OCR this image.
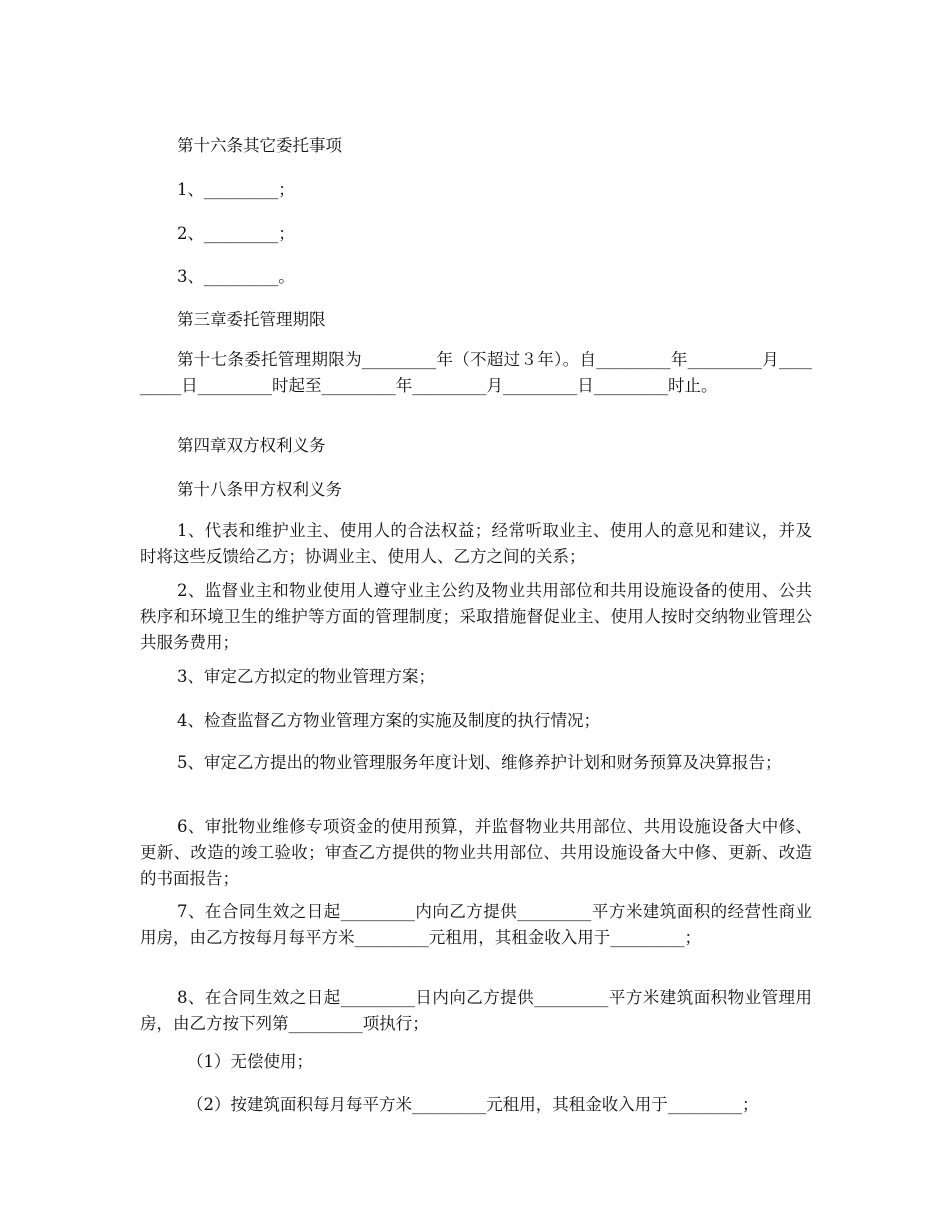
第十六条其它委托事项

1、_________；

2、_________；

3、_________。

第三章委托管理期限

第十七条委托管理期限为_________年（不超过３年）。自_________年_________月_________日_________时起至_________年_________月_________日_________时止。

第四章双方权利义务

第十八条甲方权利义务

1、代表和维护业主、使用人的合法权益；经常听取业主、使用人的意见和建议，并及时将这些反馈给乙方；协调业主、使用人、乙方之间的关系；

2、监督业主和物业使用人遵守业主公约及物业共用部位和共用设施设备的使用、公共秩序和环境卫生的维护等方面的管理制度；采取措施督促业主、使用人按时交纳物业管理公共服务费用；

3、审定乙方拟定的物业管理方案；

4、检查监督乙方物业管理方案的实施及制度的执行情况；

5、审定乙方提出的物业管理服务年度计划、维修养护计划和财务预算及决算报告；

6、审批物业维修专项资金的使用预算，并监督物业共用部位、共用设施设备大中修、更新、改造的竣工验收；审查乙方提供的物业共用部位、共用设施设备大中修、更新、改造的书面报告；

7、在合同生效之日起_________内向乙方提供_________平方米建筑面积的经营性商业用房，由乙方按每月每平方米_________元租用，其租金收入用于_________；

8、在合同生效之日起_________日内向乙方提供_________平方米建筑面积物业管理用房，由乙方按下列第_________项执行；

（1）无偿使用；

（2）按建筑面积每月每平方米_________元租用，其租金收入用于_________；
